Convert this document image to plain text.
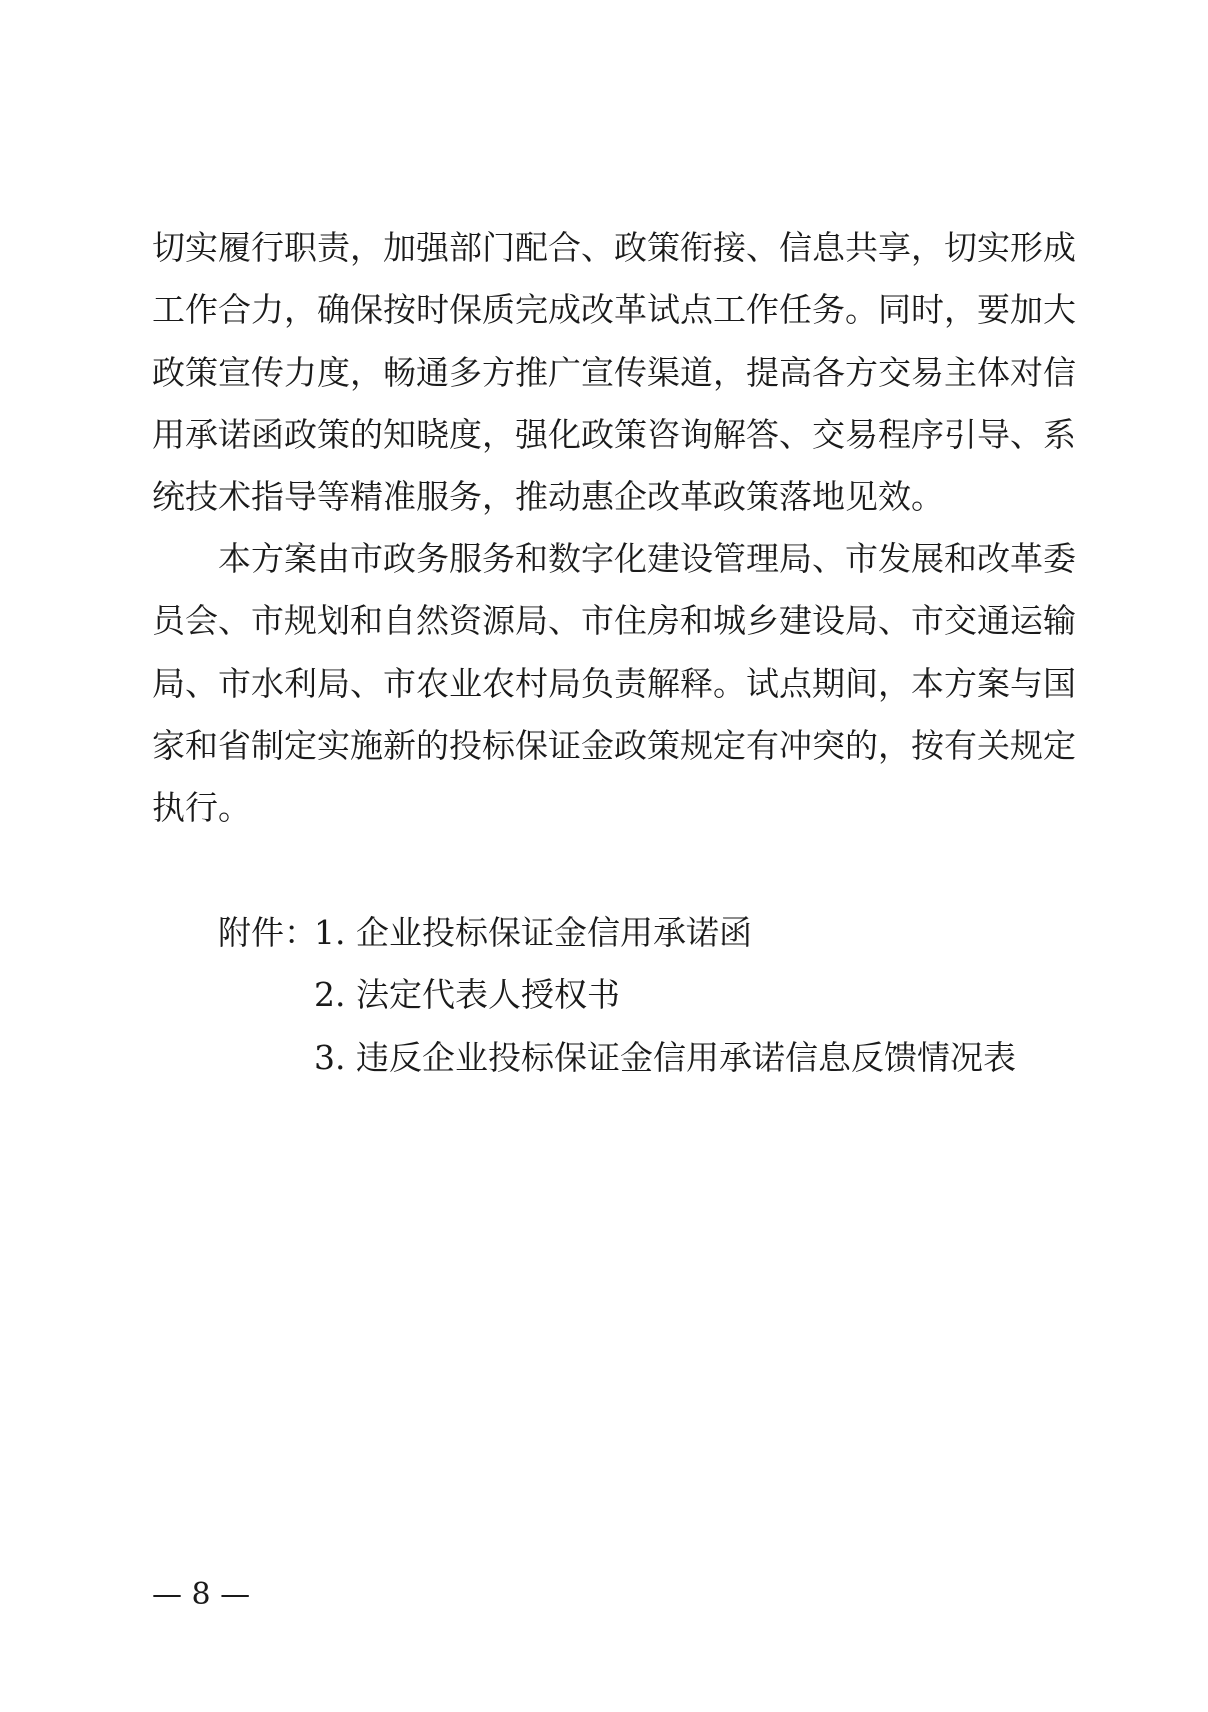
切实履行职责，加强部门配合、政策衔接、信息共享，切实形成
工作合力，确保按时保质完成改革试点工作任务。同时，要加大
政策宣传力度，畅通多方推广宣传渠道，提高各方交易主体对信
用承诺函政策的知晓度，强化政策咨询解答、交易程序引导、系
统技术指导等精准服务，推动惠企改革政策落地见效。
本方案由市政务服务和数字化建设管理局、市发展和改革委
员会、市规划和自然资源局、市住房和城乡建设局、市交通运输
局、市水利局、市农业农村局负责解释。试点期间，本方案与国
家和省制定实施新的投标保证金政策规定有冲突的，按有关规定
执行。
附件：
1. 企业投标保证金信用承诺函
2. 法定代表人授权书
3. 违反企业投标保证金信用承诺信息反馈情况表
— 8 —
